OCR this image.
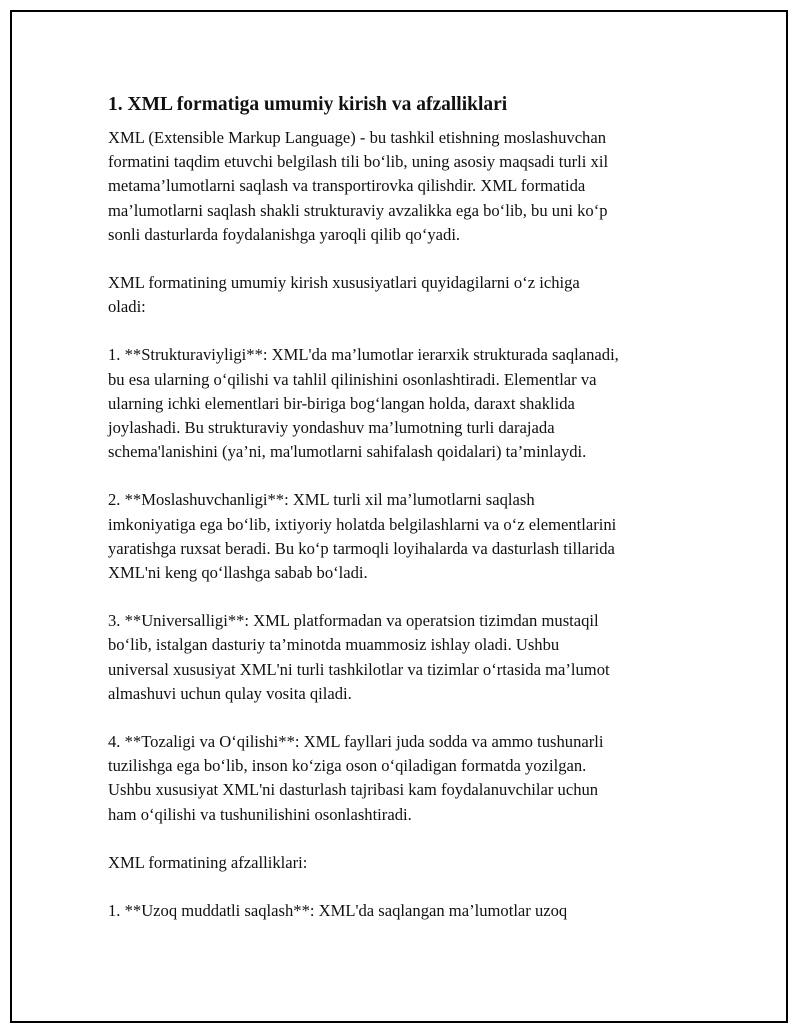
1. XML formatiga umumiy kirish va afzalliklari

XML (Extensible Markup Language) - bu tashkil etishning moslashuvchan
formatini taqdim etuvchi belgilash tili bo‘lib, uning asosiy maqsadi turli xil
metama’lumotlarni saqlash va transportirovka qilishdir. XML formatida
ma’lumotlarni saqlash shakli strukturaviy avzalikka ega bo‘lib, bu uni ko‘p
sonli dasturlarda foydalanishga yaroqli qilib qo‘yadi.

XML formatining umumiy kirish xususiyatlari quyidagilarni o‘z ichiga
oladi:

1. **Strukturaviyligi**: XML'da ma’lumotlar ierarxik strukturada saqlanadi,
bu esa ularning o‘qilishi va tahlil qilinishini osonlashtiradi. Elementlar va
ularning ichki elementlari bir-biriga bog‘langan holda, daraxt shaklida
joylashadi. Bu strukturaviy yondashuv ma’lumotning turli darajada
schema'lanishini (ya’ni, ma'lumotlarni sahifalash qoidalari) ta’minlaydi.

2. **Moslashuvchanligi**: XML turli xil ma’lumotlarni saqlash
imkoniyatiga ega bo‘lib, ixtiyoriy holatda belgilashlarni va o‘z elementlarini
yaratishga ruxsat beradi. Bu ko‘p tarmoqli loyihalarda va dasturlash tillarida
XML'ni keng qo‘llashga sabab bo‘ladi.

3. **Universalligi**: XML platformadan va operatsion tizimdan mustaqil
bo‘lib, istalgan dasturiy ta’minotda muammosiz ishlay oladi. Ushbu
universal xususiyat XML'ni turli tashkilotlar va tizimlar o‘rtasida ma’lumot
almashuvi uchun qulay vosita qiladi.

4. **Tozaligi va O‘qilishi**: XML fayllari juda sodda va ammo tushunarli
tuzilishga ega bo‘lib, inson ko‘ziga oson o‘qiladigan formatda yozilgan.
Ushbu xususiyat XML'ni dasturlash tajribasi kam foydalanuvchilar uchun
ham o‘qilishi va tushunilishini osonlashtiradi.

XML formatining afzalliklari:

1. **Uzoq muddatli saqlash**: XML'da saqlangan ma’lumotlar uzoq
